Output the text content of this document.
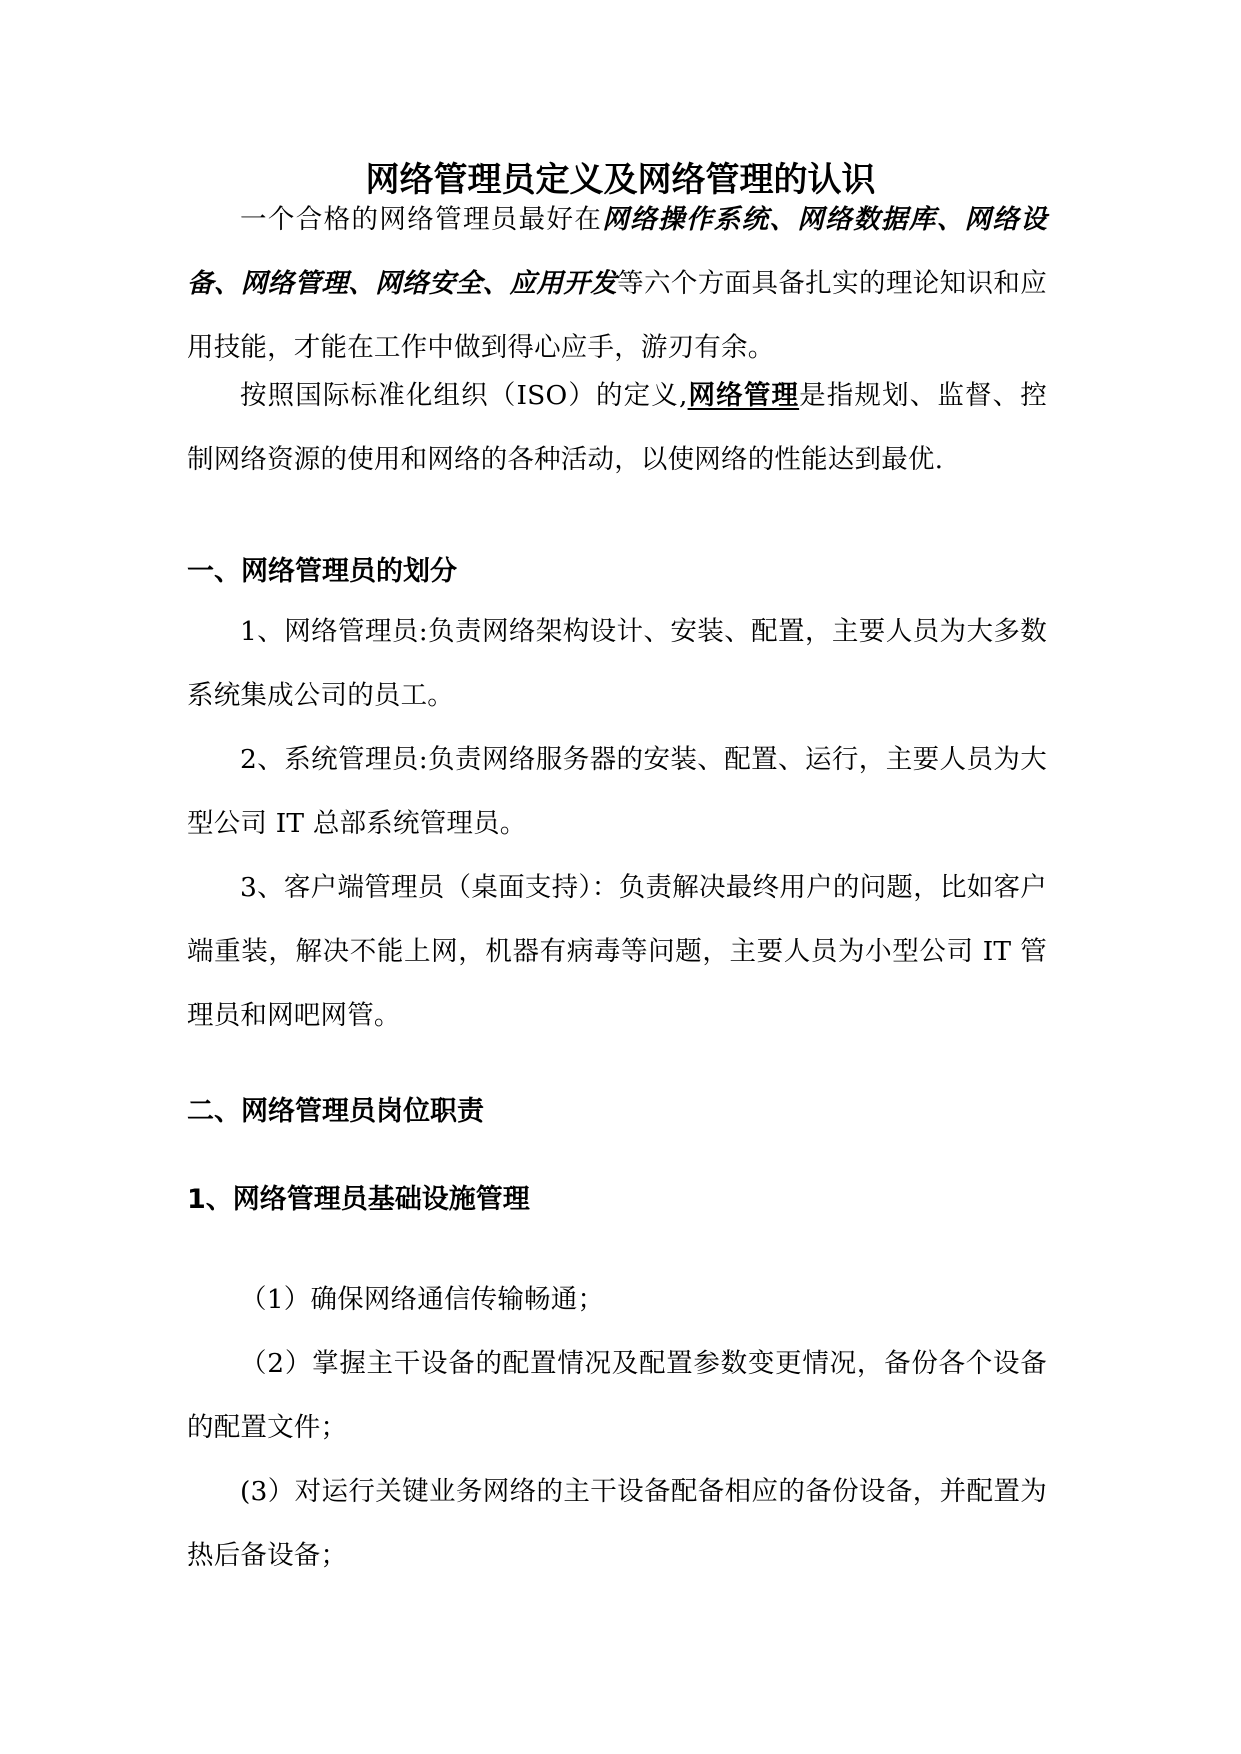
网络管理员定义及网络管理的认识

一个合格的网络管理员最好在网络操作系统、网络数据库、网络设备、网络管理、网络安全、应用开发等六个方面具备扎实的理论知识和应用技能，才能在工作中做到得心应手，游刃有余。

按照国际标准化组织（ISO）的定义,网络管理是指规划、监督、控制网络资源的使用和网络的各种活动，以使网络的性能达到最优.

一、网络管理员的划分

1、网络管理员:负责网络架构设计、安装、配置，主要人员为大多数系统集成公司的员工。

2、系统管理员:负责网络服务器的安装、配置、运行，主要人员为大型公司 IT 总部系统管理员。

3、客户端管理员（桌面支持）：负责解决最终用户的问题，比如客户端重装，解决不能上网，机器有病毒等问题，主要人员为小型公司 IT 管理员和网吧网管。

二、网络管理员岗位职责
1、网络管理员基础设施管理

（1）确保网络通信传输畅通；

（2）掌握主干设备的配置情况及配置参数变更情况，备份各个设备的配置文件；

(3）对运行关键业务网络的主干设备配备相应的备份设备，并配置为热后备设备；
